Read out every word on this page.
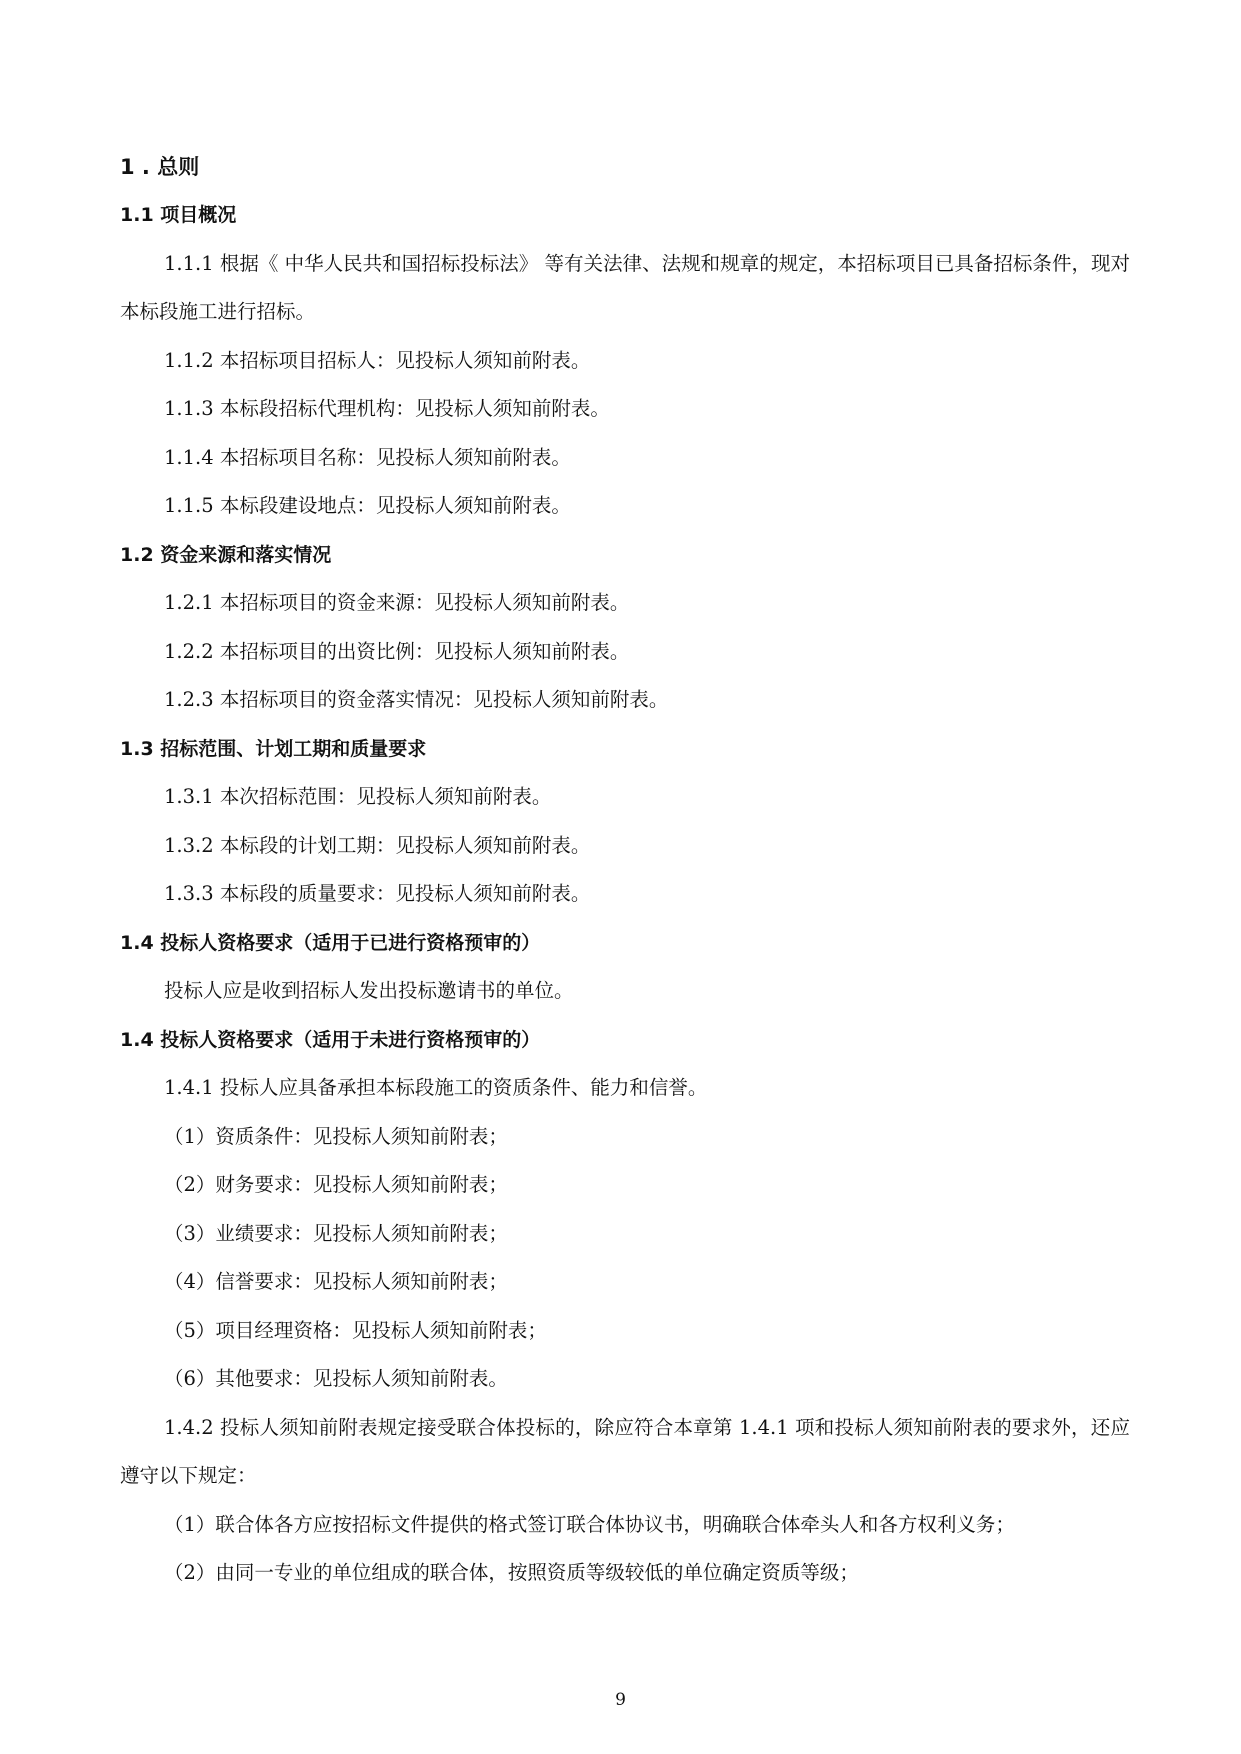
1 . 总则
1.1 项目概况
1.1.1 根据《 中华人民共和国招标投标法》 等有关法律、法规和规章的规定，本招标项目已具备招标条件，现对本标段施工进行招标。
1.1.2 本招标项目招标人：见投标人须知前附表。
1.1.3 本标段招标代理机构：见投标人须知前附表。
1.1.4 本招标项目名称：见投标人须知前附表。
1.1.5 本标段建设地点：见投标人须知前附表。
1.2 资金来源和落实情况
1.2.1 本招标项目的资金来源：见投标人须知前附表。
1.2.2 本招标项目的出资比例：见投标人须知前附表。
1.2.3 本招标项目的资金落实情况：见投标人须知前附表。
1.3 招标范围、计划工期和质量要求
1.3.1 本次招标范围：见投标人须知前附表。
1.3.2 本标段的计划工期：见投标人须知前附表。
1.3.3 本标段的质量要求：见投标人须知前附表。
1.4 投标人资格要求（适用于已进行资格预审的）
投标人应是收到招标人发出投标邀请书的单位。
1.4 投标人资格要求（适用于未进行资格预审的）
1.4.1 投标人应具备承担本标段施工的资质条件、能力和信誉。
（1）资质条件：见投标人须知前附表；
（2）财务要求：见投标人须知前附表；
（3）业绩要求：见投标人须知前附表；
（4）信誉要求：见投标人须知前附表；
（5）项目经理资格：见投标人须知前附表；
（6）其他要求：见投标人须知前附表。
1.4.2 投标人须知前附表规定接受联合体投标的，除应符合本章第 1.4.1 项和投标人须知前附表的要求外，还应遵守以下规定：
（1）联合体各方应按招标文件提供的格式签订联合体协议书，明确联合体牵头人和各方权利义务；
（2）由同一专业的单位组成的联合体，按照资质等级较低的单位确定资质等级；
9
